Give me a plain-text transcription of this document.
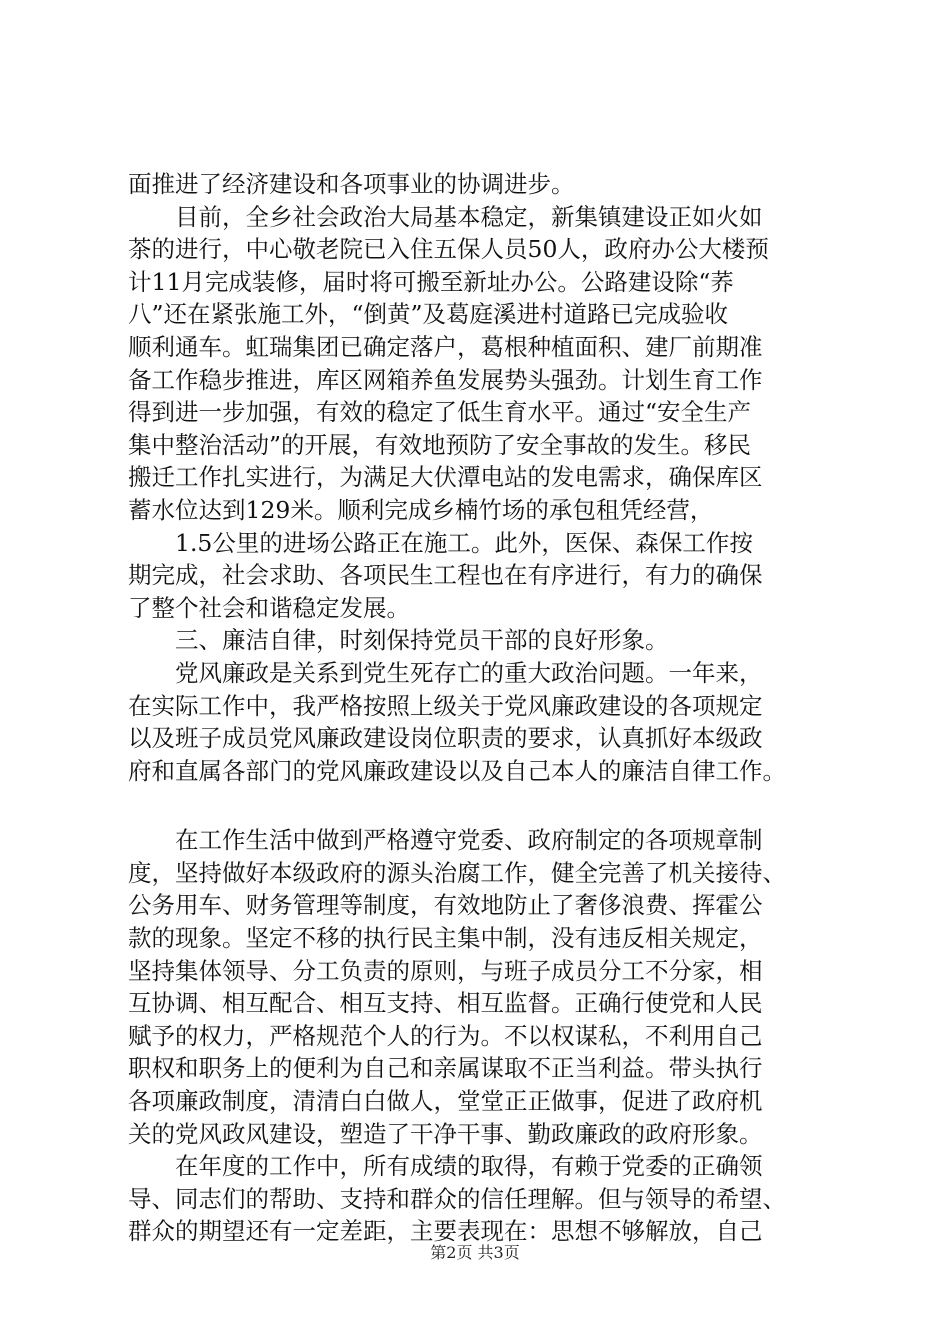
面推进了经济建设和各项事业的协调进步。
　　目前，全乡社会政治大局基本稳定，新集镇建设正如火如
茶的进行，中心敬老院已入住五保人员50人，政府办公大楼预
计11月完成装修，届时将可搬至新址办公。公路建设除“荞
八”还在紧张施工外，“倒黄”及葛庭溪进村道路已完成验收
顺利通车。虹瑞集团已确定落户，葛根种植面积、建厂前期准
备工作稳步推进，库区网箱养鱼发展势头强劲。计划生育工作
得到进一步加强，有效的稳定了低生育水平。通过“安全生产
集中整治活动”的开展，有效地预防了安全事故的发生。移民
搬迁工作扎实进行，为满足大伏潭电站的发电需求，确保库区
蓄水位达到129米。顺利完成乡楠竹场的承包租凭经营，
　　1.5公里的进场公路正在施工。此外，医保、森保工作按
期完成，社会求助、各项民生工程也在有序进行，有力的确保
了整个社会和谐稳定发展。
　　三、廉洁自律，时刻保持党员干部的良好形象。
　　党风廉政是关系到党生死存亡的重大政治问题。一年来，
在实际工作中，我严格按照上级关于党风廉政建设的各项规定
以及班子成员党风廉政建设岗位职责的要求，认真抓好本级政
府和直属各部门的党风廉政建设以及自己本人的廉洁自律工作。
　　在工作生活中做到严格遵守党委、政府制定的各项规章制
度，坚持做好本级政府的源头治腐工作，健全完善了机关接待、
公务用车、财务管理等制度，有效地防止了奢侈浪费、挥霍公
款的现象。坚定不移的执行民主集中制，没有违反相关规定，
坚持集体领导、分工负责的原则，与班子成员分工不分家，相
互协调、相互配合、相互支持、相互监督。正确行使党和人民
赋予的权力，严格规范个人的行为。不以权谋私，不利用自己
职权和职务上的便利为自己和亲属谋取不正当利益。带头执行
各项廉政制度，清清白白做人，堂堂正正做事，促进了政府机
关的党风政风建设，塑造了干净干事、勤政廉政的政府形象。
　　在年度的工作中，所有成绩的取得，有赖于党委的正确领
导、同志们的帮助、支持和群众的信任理解。但与领导的希望、
群众的期望还有一定差距，主要表现在：思想不够解放，自己
第2页 共3页
